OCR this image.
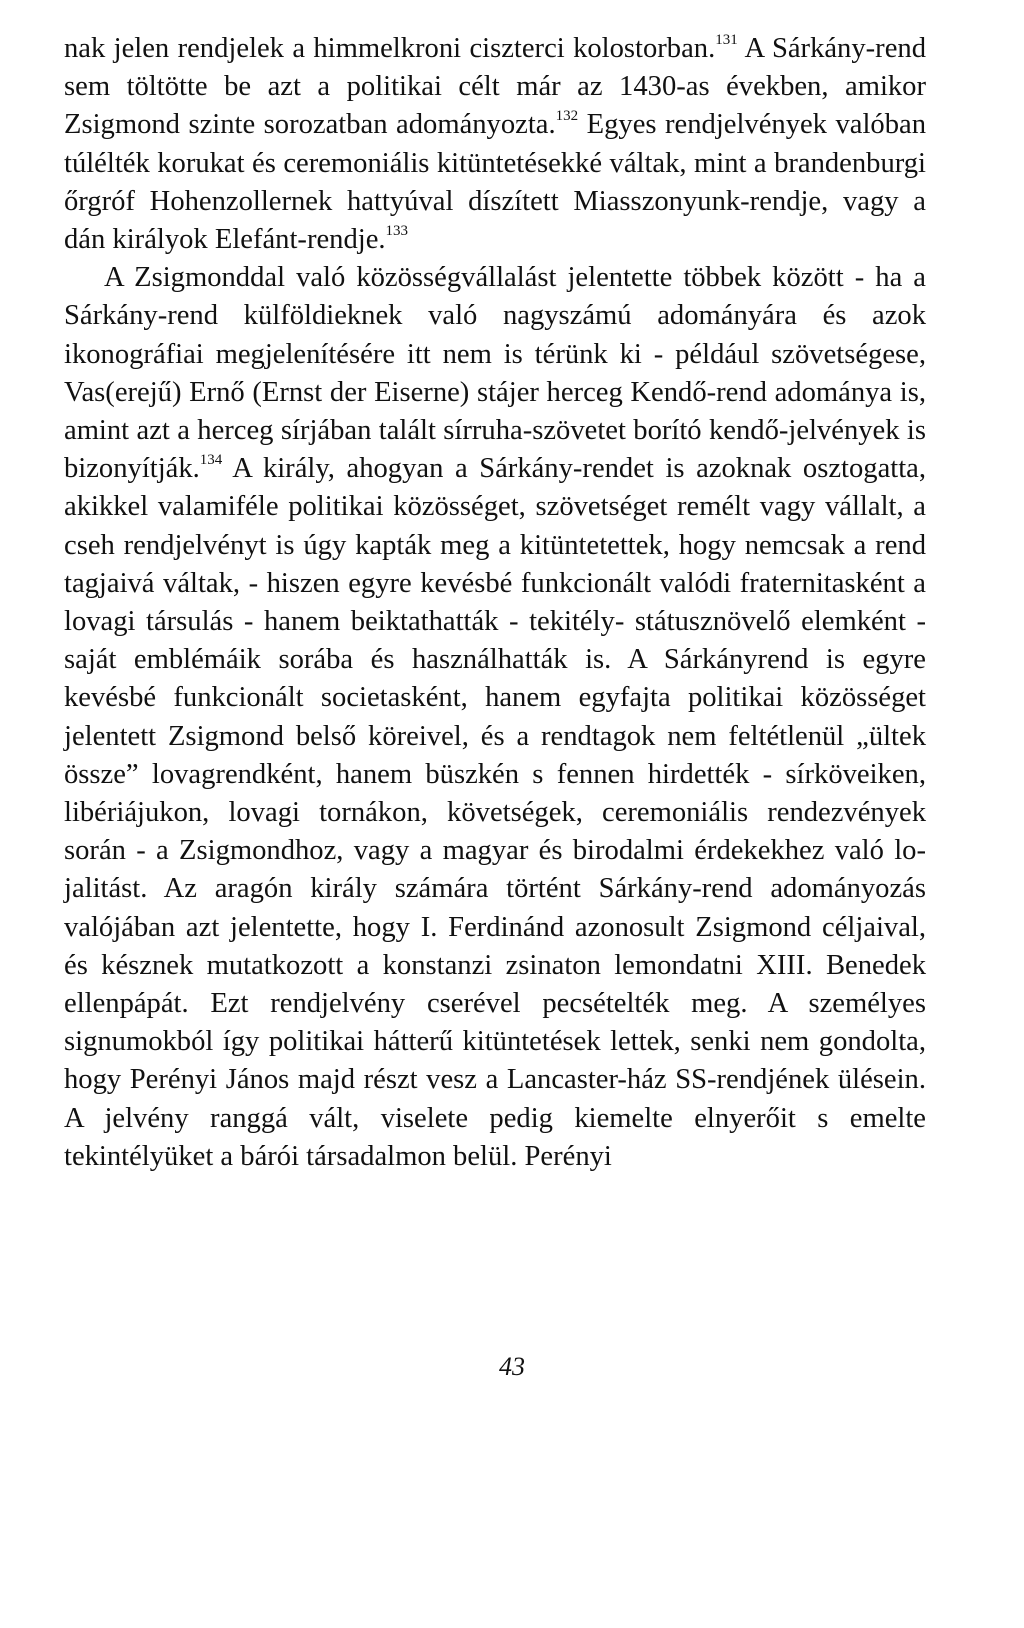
nak jelen rendjelek a himmelkroni ciszterci kolostorban.$^{131}$ A Sárkány-rend sem töltötte be azt a politikai célt már az 1430-as években, amikor Zsigmond szinte sorozatban adományozta.$^{132}$ Egyes rendjelvények valóban túlélték korukat és ceremoniális kitüntetésekké váltak, mint a brandenburgi őrgróf Hohenzollernek hattyúval díszített Miasszonyunk-rendje, vagy a dán királyok Elefánt-rendje.$^{133}$

A Zsigmonddal való közösségvállalást jelentette többek között - ha a Sárkány-rend külföldieknek való nagyszámú adományára és azok ikonográfiai megjelenítésére itt nem is térünk ki - például szövetségese, Vas(erejű) Ernő (Ernst der Eiserne) stájer herceg Kendő-rend adománya is, amint azt a herceg sírjában talált sírruha-szövetet borító kendő-jelvények is bizonyítják.$^{134}$ A király, ahogyan a Sárkány-rendet is azoknak osztogatta, akikkel valamiféle politikai közösséget, szövetséget remélt vagy vállalt, a cseh rendjelvényt is úgy kapták meg a kitüntetettek, hogy nemcsak a rend tagjaivá váltak, - hiszen egyre kevésbé funkcionált valódi fraternitasként a lovagi társulás - hanem beiktathatták - tekitély- státusznövelő elemként - saját emblémáik sorába és használhatták is. A Sárkányrend is egyre kevésbé funkcionált societasként, hanem egyfajta politikai közösséget jelentett Zsigmond belső köreivel, és a rendtagok nem feltétlenül „ültek össze” lovagrendként, hanem büszkén s fennen hirdették - sírköveiken, libériájukon, lovagi tornákon, követségek, ceremoniális rendezvények során - a Zsigmondhoz, vagy a magyar és birodalmi érdekekhez való lojalitást. Az aragón király számára történt Sárkány-rend adományozás valójában azt jelentette, hogy I. Ferdinánd azonosult Zsigmond céljaival, és késznek mutatkozott a konstanzi zsinaton lemondatni XIII. Benedek ellenpápát. Ezt rendjelvény cserével pecsételték meg. A személyes signumokból így politikai hátterű kitüntetések lettek, senki nem gondolta, hogy Perényi János majd részt vesz a Lancaster-ház SS-rendjének ülésein. A jelvény ranggá vált, viselete pedig kiemelte elnyerőit s emelte tekintélyüket a bárói társadalmon belül. Perényi

43
